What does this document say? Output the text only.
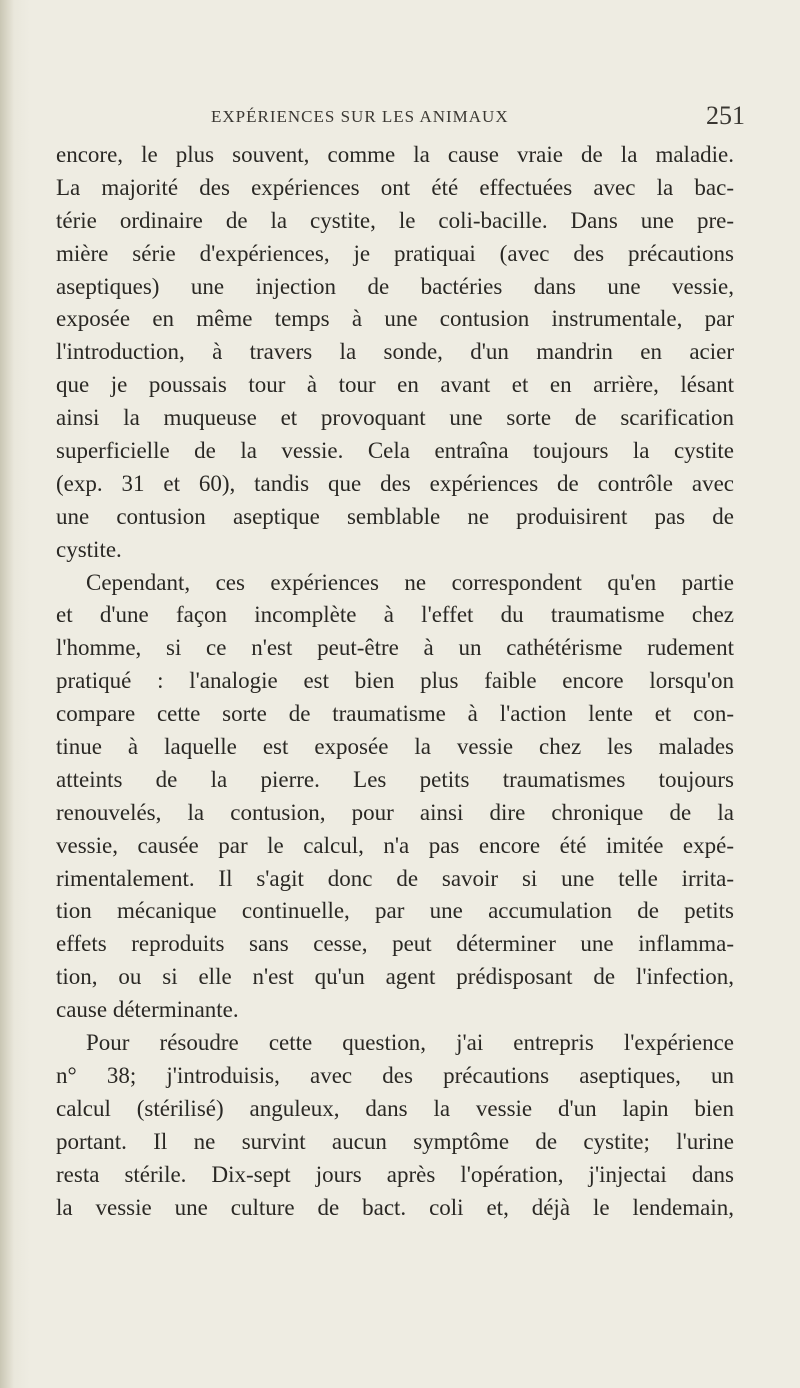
EXPÉRIENCES SUR LES ANIMAUX	251
encore, le plus souvent, comme la cause vraie de la maladie.
La majorité des expériences ont été effectuées avec la bac-
térie ordinaire de la cystite, le coli-bacille. Dans une pre-
mière série d'expériences, je pratiquai (avec des précautions
aseptiques) une injection de bactéries dans une vessie,
exposée en même temps à une contusion instrumentale, par
l'introduction, à travers la sonde, d'un mandrin en acier
que je poussais tour à tour en avant et en arrière, lésant
ainsi la muqueuse et provoquant une sorte de scarification
superficielle de la vessie. Cela entraîna toujours la cystite
(exp. 31 et 60), tandis que des expériences de contrôle avec
une contusion aseptique semblable ne produisirent pas de
cystite.
Cependant, ces expériences ne correspondent qu'en partie
et d'une façon incomplète à l'effet du traumatisme chez
l'homme, si ce n'est peut-être à un cathétérisme rudement
pratiqué : l'analogie est bien plus faible encore lorsqu'on
compare cette sorte de traumatisme à l'action lente et con-
tinue à laquelle est exposée la vessie chez les malades
atteints de la pierre. Les petits traumatismes toujours
renouvelés, la contusion, pour ainsi dire chronique de la
vessie, causée par le calcul, n'a pas encore été imitée expé-
rimentalement. Il s'agit donc de savoir si une telle irrita-
tion mécanique continuelle, par une accumulation de petits
effets reproduits sans cesse, peut déterminer une inflamma-
tion, ou si elle n'est qu'un agent prédisposant de l'infection,
cause déterminante.
Pour résoudre cette question, j'ai entrepris l'expérience
n° 38; j'introduisis, avec des précautions aseptiques, un
calcul (stérilisé) anguleux, dans la vessie d'un lapin bien
portant. Il ne survint aucun symptôme de cystite; l'urine
resta stérile. Dix-sept jours après l'opération, j'injectai dans
la vessie une culture de bact. coli et, déjà le lendemain,
